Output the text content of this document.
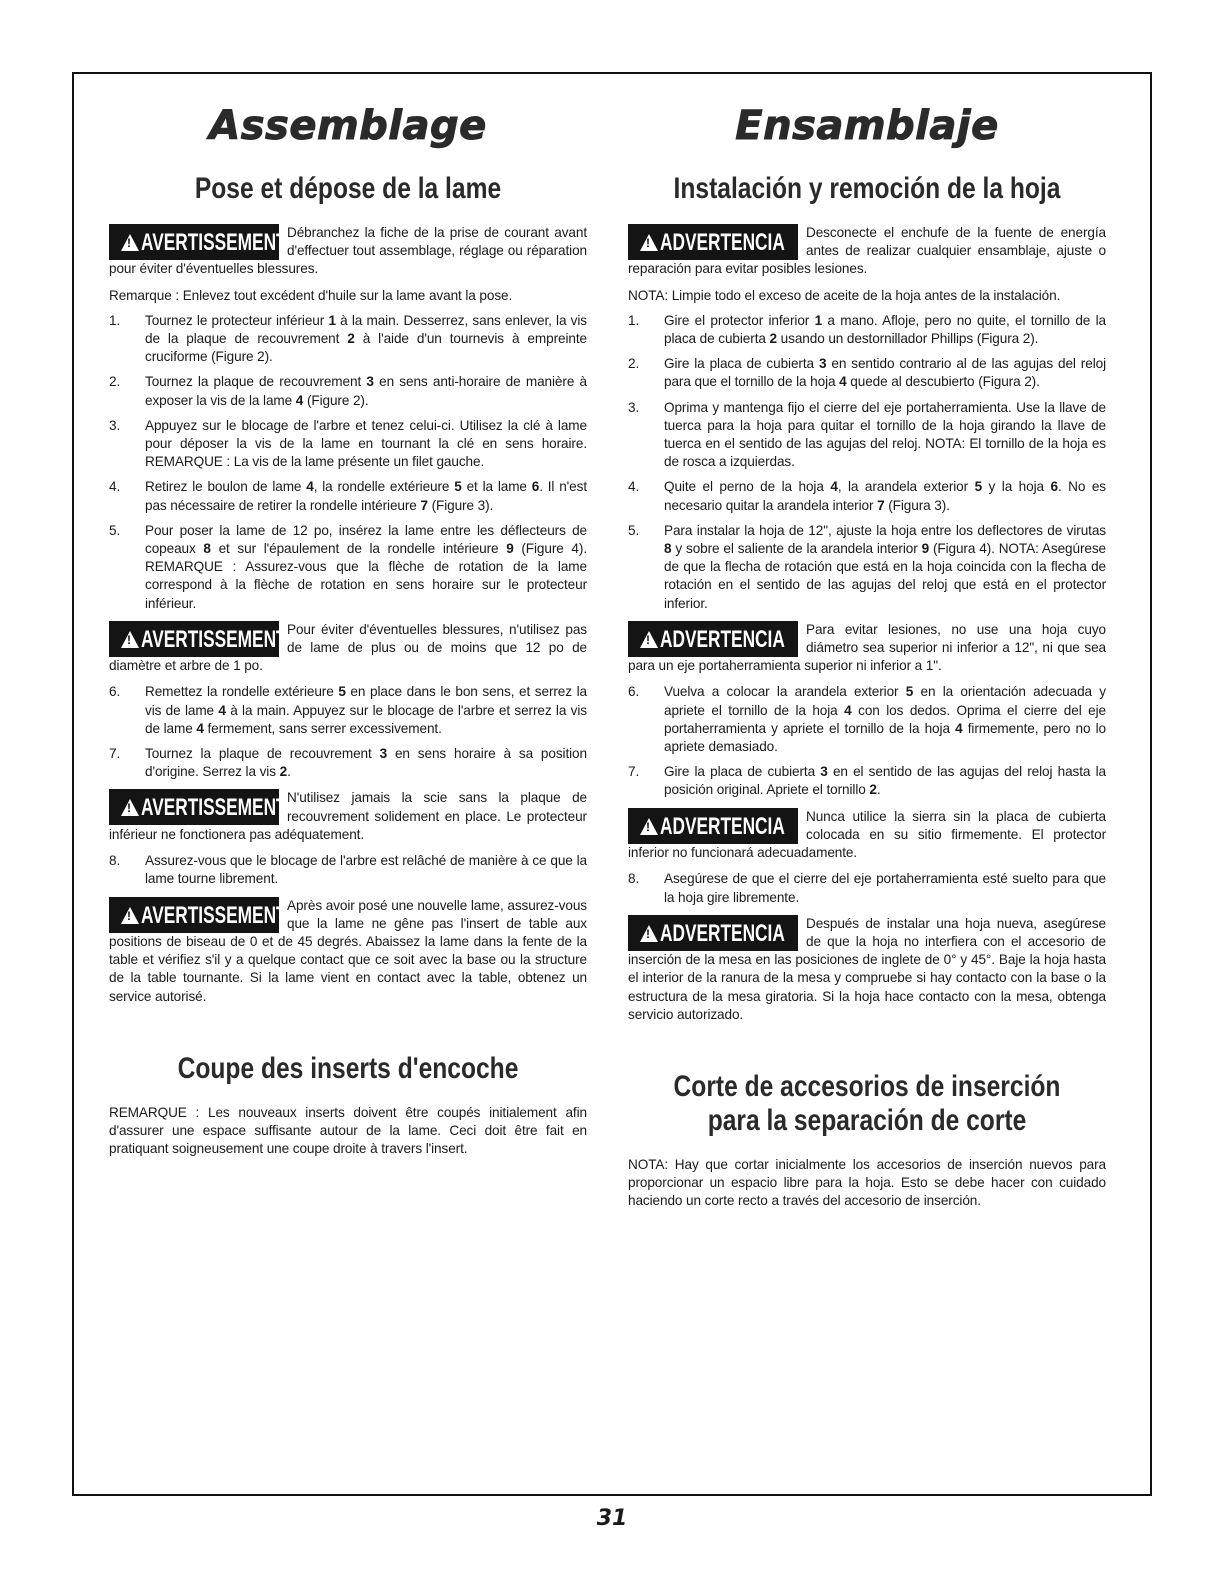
Assemblage
Pose et dépose de la lame
!
AVERTISSEMENT Débranchez la fiche de la prise de courant avant d'effectuer tout assemblage, réglage ou réparation pour éviter d'éventuelles blessures.

Remarque : Enlevez tout excédent d'huile sur la lame avant la pose.

1.	Tournez le protecteur inférieur 1 à la main. Desserrez, sans enlever, la vis de la plaque de recouvrement 2 à l'aide d'un tournevis à empreinte cruciforme (Figure 2).
2.	Tournez la plaque de recouvrement 3 en sens anti-horaire de manière à exposer la vis de la lame 4 (Figure 2).
3.	Appuyez sur le blocage de l'arbre et tenez celui-ci. Utilisez la clé à lame pour déposer la vis de la lame en tournant la clé en sens horaire. REMARQUE : La vis de la lame présente un filet gauche.
4.	Retirez le boulon de lame 4, la rondelle extérieure 5 et la lame 6. Il n'est pas nécessaire de retirer la rondelle intérieure 7 (Figure 3).
5.	Pour poser la lame de 12 po, insérez la lame entre les déflecteurs de copeaux 8 et sur l'épaulement de la rondelle intérieure 9 (Figure 4). REMARQUE : Assurez-vous que la flèche de rotation de la lame correspond à la flèche de rotation en sens horaire sur le protecteur inférieur.
!
AVERTISSEMENT Pour éviter d'éventuelles blessures, n'utilisez pas de lame de plus ou de moins que 12 po de diamètre et arbre de 1 po.
6.	Remettez la rondelle extérieure 5 en place dans le bon sens, et serrez la vis de lame 4 à la main. Appuyez sur le blocage de l'arbre et serrez la vis de lame 4 fermement, sans serrer excessivement.
7.	Tournez la plaque de recouvrement 3 en sens horaire à sa position d'origine. Serrez la vis 2.
!
AVERTISSEMENT N'utilisez jamais la scie sans la plaque de recouvrement solidement en place. Le protecteur inférieur ne fonctionera pas adéquatement.
8.	Assurez-vous que le blocage de l'arbre est relâché de manière à ce que la lame tourne librement.
!
AVERTISSEMENT Après avoir posé une nouvelle lame, assurez-vous que la lame ne gêne pas l'insert de table aux positions de biseau de 0 et de 45 degrés. Abaissez la lame dans la fente de la table et vérifiez s'il y a quelque contact que ce soit avec la base ou la structure de la table tournante. Si la lame vient en contact avec la table, obtenez un service autorisé.
Coupe des inserts d'encoche

REMARQUE : Les nouveaux inserts doivent être coupés initialement afin d'assurer une espace suffisante autour de la lame. Ceci doit être fait en pratiquant soigneusement une coupe droite à travers l'insert.

Ensamblaje
Instalación y remoción de la hoja
!
ADVERTENCIA Desconecte el enchufe de la fuente de energía antes de realizar cualquier ensamblaje, ajuste o reparación para evitar posibles lesiones.

NOTA: Limpie todo el exceso de aceite de la hoja antes de la instalación.

1.	Gire el protector inferior 1 a mano. Afloje, pero no quite, el tornillo de la placa de cubierta 2 usando un destornillador Phillips (Figura 2).
2.	Gire la placa de cubierta 3 en sentido contrario al de las agujas del reloj para que el tornillo de la hoja 4 quede al descubierto (Figura 2).
3.	Oprima y mantenga fijo el cierre del eje portaherramienta. Use la llave de tuerca para la hoja para quitar el tornillo de la hoja girando la llave de tuerca en el sentido de las agujas del reloj. NOTA: El tornillo de la hoja es de rosca a izquierdas.
4.	Quite el perno de la hoja 4, la arandela exterior 5 y la hoja 6. No es necesario quitar la arandela interior 7 (Figura 3).
5.	Para instalar la hoja de 12", ajuste la hoja entre los deflectores de virutas 8 y sobre el saliente de la arandela interior 9 (Figura 4). NOTA: Asegúrese de que la flecha de rotación que está en la hoja coincida con la flecha de rotación en el sentido de las agujas del reloj que está en el protector inferior.
!
ADVERTENCIA Para evitar lesiones, no use una hoja cuyo diámetro sea superior ni inferior a 12", ni que sea para un eje portaherramienta superior ni inferior a 1".
6.	Vuelva a colocar la arandela exterior 5 en la orientación adecuada y apriete el tornillo de la hoja 4 con los dedos. Oprima el cierre del eje portaherramienta y apriete el tornillo de la hoja 4 firmemente, pero no lo apriete demasiado.
7.	Gire la placa de cubierta 3 en el sentido de las agujas del reloj hasta la posición original. Apriete el tornillo 2.
!
ADVERTENCIA Nunca utilice la sierra sin la placa de cubierta colocada en su sitio firmemente. El protector inferior no funcionará adecuadamente.
8.	Asegúrese de que el cierre del eje portaherramienta esté suelto para que la hoja gire libremente.
!
ADVERTENCIA Después de instalar una hoja nueva, asegúrese de que la hoja no interfiera con el accesorio de inserción de la mesa en las posiciones de inglete de 0° y 45°. Baje la hoja hasta el interior de la ranura de la mesa y compruebe si hay contacto con la base o la estructura de la mesa giratoria. Si la hoja hace contacto con la mesa, obtenga servicio autorizado.
Corte de accesorios de inserción para la separación de corte

NOTA: Hay que cortar inicialmente los accesorios de inserción nuevos para proporcionar un espacio libre para la hoja. Esto se debe hacer con cuidado haciendo un corte recto a través del accesorio de inserción.

31
